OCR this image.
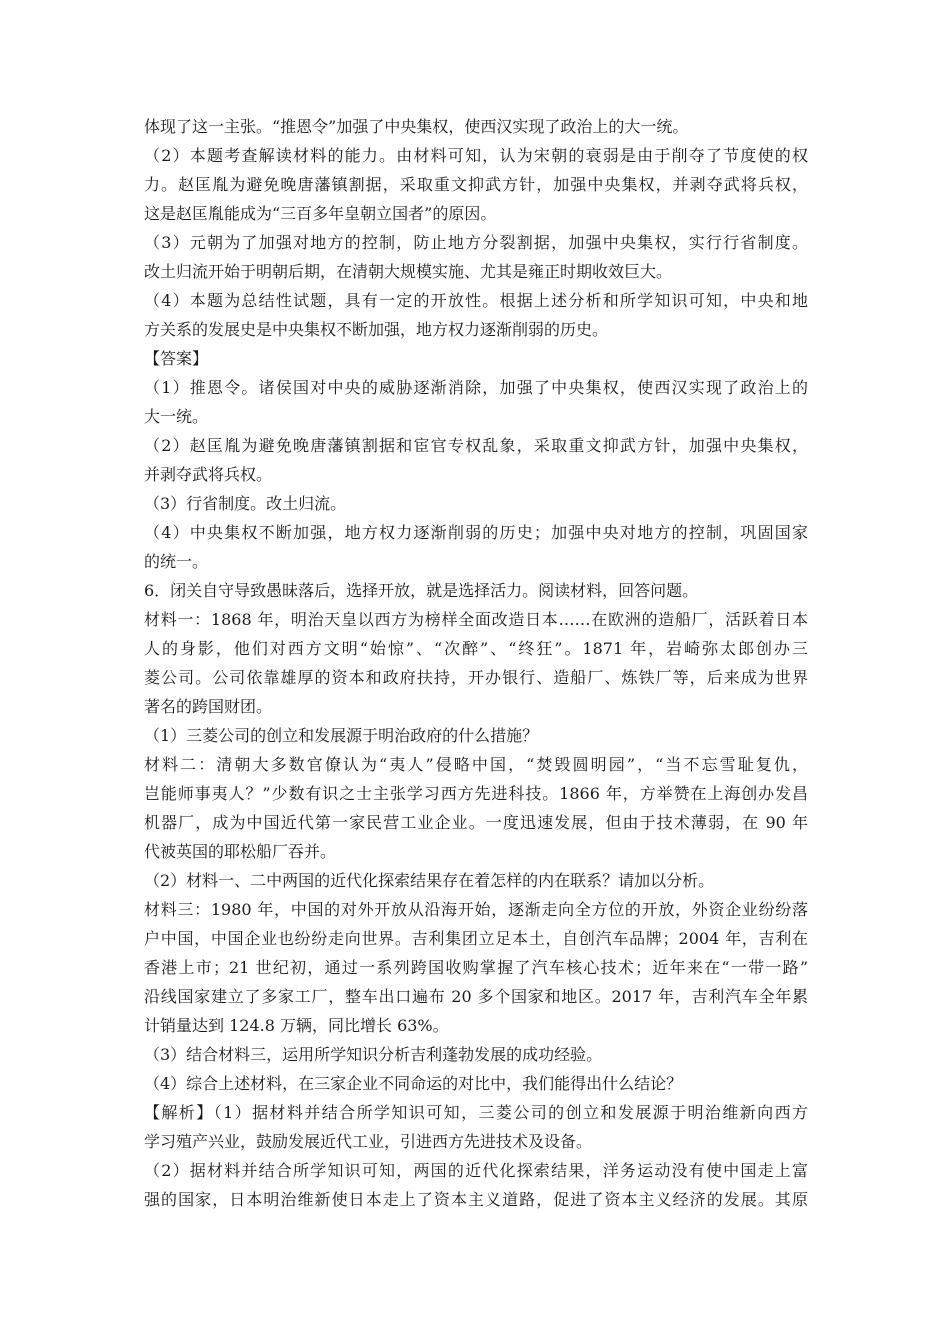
体现了这一主张。“推恩令”加强了中央集权，使西汉实现了政治上的大一统。
（2）本题考查解读材料的能力。由材料可知，认为宋朝的衰弱是由于削夺了节度使的权
力。赵匡胤为避免晚唐藩镇割据，采取重文抑武方针，加强中央集权，并剥夺武将兵权，
这是赵匡胤能成为“三百多年皇朝立国者”的原因。
（3）元朝为了加强对地方的控制，防止地方分裂割据，加强中央集权，实行行省制度。
改土归流开始于明朝后期，在清朝大规模实施、尤其是雍正时期收效巨大。
（4）本题为总结性试题，具有一定的开放性。根据上述分析和所学知识可知，中央和地
方关系的发展史是中央集权不断加强，地方权力逐渐削弱的历史。
【答案】
（1）推恩令。诸侯国对中央的威胁逐渐消除，加强了中央集权，使西汉实现了政治上的
大一统。
（2）赵匡胤为避免晚唐藩镇割据和宦官专权乱象，采取重文抑武方针，加强中央集权，
并剥夺武将兵权。
（3）行省制度。改土归流。
（4）中央集权不断加强，地方权力逐渐削弱的历史；加强中央对地方的控制，巩固国家
的统一。
6．闭关自守导致愚昧落后，选择开放，就是选择活力。阅读材料，回答问题。
材料一：1868 年，明治天皇以西方为榜样全面改造日本……在欧洲的造船厂，活跃着日本
人的身影，他们对西方文明“始惊”、“次醉”、“终狂”。1871 年，岩崎弥太郎创办三
菱公司。公司依靠雄厚的资本和政府扶持，开办银行、造船厂、炼铁厂等，后来成为世界
著名的跨国财团。
（1）三菱公司的创立和发展源于明治政府的什么措施？
材料二：清朝大多数官僚认为“夷人”侵略中国，“焚毁圆明园”，“当不忘雪耻复仇，
岂能师事夷人？”少数有识之士主张学习西方先进科技。1866 年，方举赞在上海创办发昌
机器厂，成为中国近代第一家民营工业企业。一度迅速发展，但由于技术薄弱，在 90 年
代被英国的耶松船厂吞并。
（2）材料一、二中两国的近代化探索结果存在着怎样的内在联系？请加以分析。
材料三：1980 年，中国的对外开放从沿海开始，逐渐走向全方位的开放，外资企业纷纷落
户中国，中国企业也纷纷走向世界。吉利集团立足本土，自创汽车品牌；2004 年，吉利在
香港上市；21 世纪初，通过一系列跨国收购掌握了汽车核心技术；近年来在“一带一路”
沿线国家建立了多家工厂，整车出口遍布 20 多个国家和地区。2017 年，吉利汽车全年累
计销量达到 124.8 万辆，同比增长 63%。
（3）结合材料三，运用所学知识分析吉利蓬勃发展的成功经验。
（4）综合上述材料，在三家企业不同命运的对比中，我们能得出什么结论？
【解析】（1）据材料并结合所学知识可知，三菱公司的创立和发展源于明治维新向西方
学习殖产兴业，鼓励发展近代工业，引进西方先进技术及设备。
（2）据材料并结合所学知识可知，两国的近代化探索结果，洋务运动没有使中国走上富
强的国家，日本明治维新使日本走上了资本主义道路，促进了资本主义经济的发展。其原
